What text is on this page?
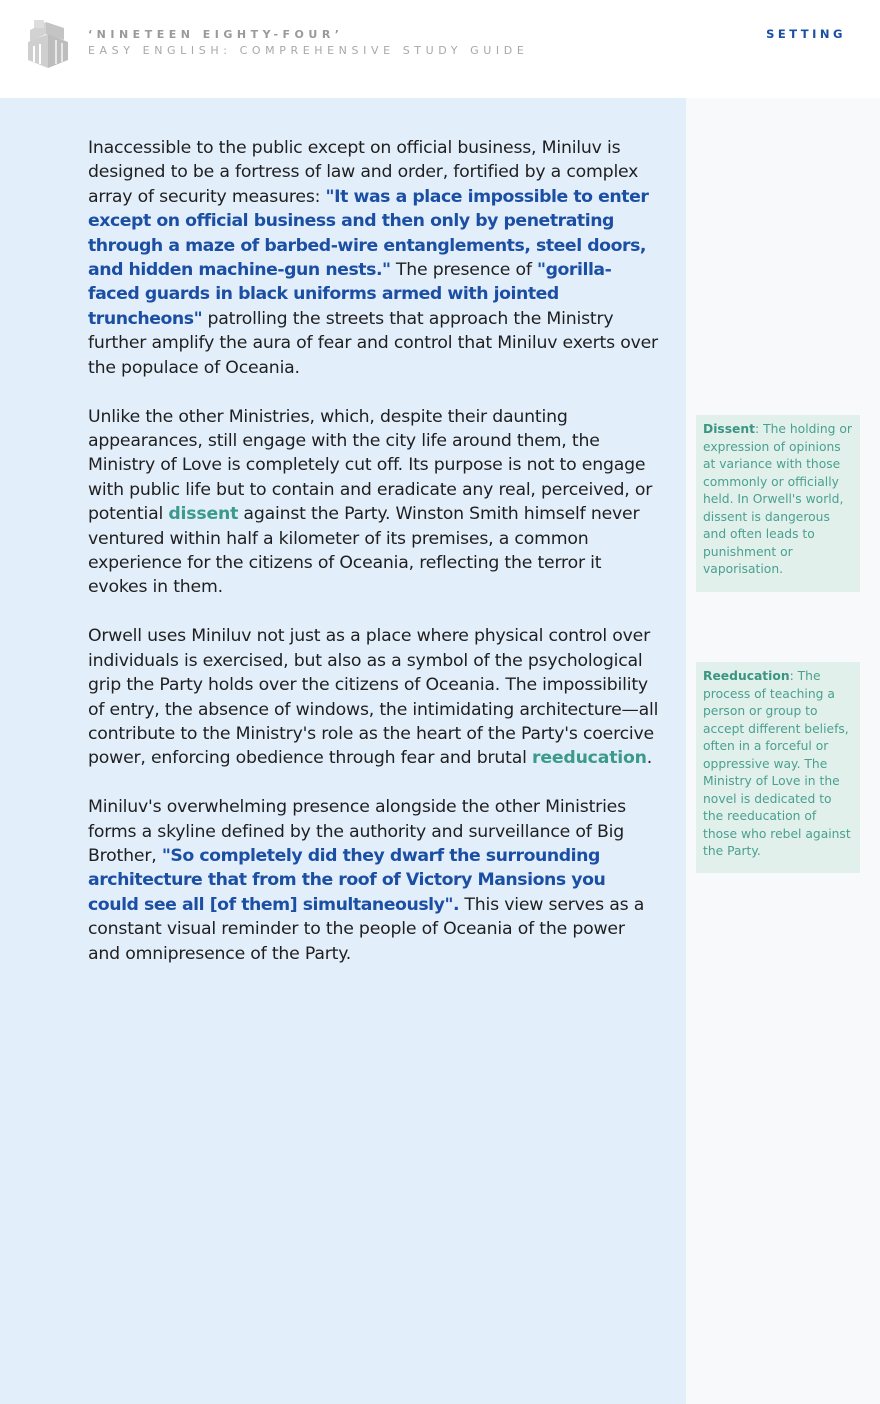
‘NINETEEN EIGHTY-FOUR’
EASY ENGLISH: COMPREHENSIVE STUDY GUIDE
SETTING

Inaccessible to the public except on official business, Miniluv is designed to be a fortress of law and order, fortified by a complex array of security measures: "It was a place impossible to enter except on official business and then only by penetrating through a maze of barbed-wire entanglements, steel doors, and hidden machine-gun nests." The presence of "gorilla-faced guards in black uniforms armed with jointed truncheons" patrolling the streets that approach the Ministry further amplify the aura of fear and control that Miniluv exerts over the populace of Oceania.

Unlike the other Ministries, which, despite their daunting appearances, still engage with the city life around them, the Ministry of Love is completely cut off. Its purpose is not to engage with public life but to contain and eradicate any real, perceived, or potential dissent against the Party. Winston Smith himself never ventured within half a kilometer of its premises, a common experience for the citizens of Oceania, reflecting the terror it evokes in them.

Orwell uses Miniluv not just as a place where physical control over individuals is exercised, but also as a symbol of the psychological grip the Party holds over the citizens of Oceania. The impossibility of entry, the absence of windows, the intimidating architecture—all contribute to the Ministry's role as the heart of the Party's coercive power, enforcing obedience through fear and brutal reeducation.

Miniluv's overwhelming presence alongside the other Ministries forms a skyline defined by the authority and surveillance of Big Brother, "So completely did they dwarf the surrounding architecture that from the roof of Victory Mansions you could see all [of them] simultaneously". This view serves as a constant visual reminder to the people of Oceania of the power and omnipresence of the Party.

Dissent: The holding or expression of opinions at variance with those commonly or officially held. In Orwell's world, dissent is dangerous and often leads to punishment or vaporisation.
Reeducation: The process of teaching a person or group to accept different beliefs, often in a forceful or oppressive way. The Ministry of Love in the novel is dedicated to the reeducation of those who rebel against the Party.
